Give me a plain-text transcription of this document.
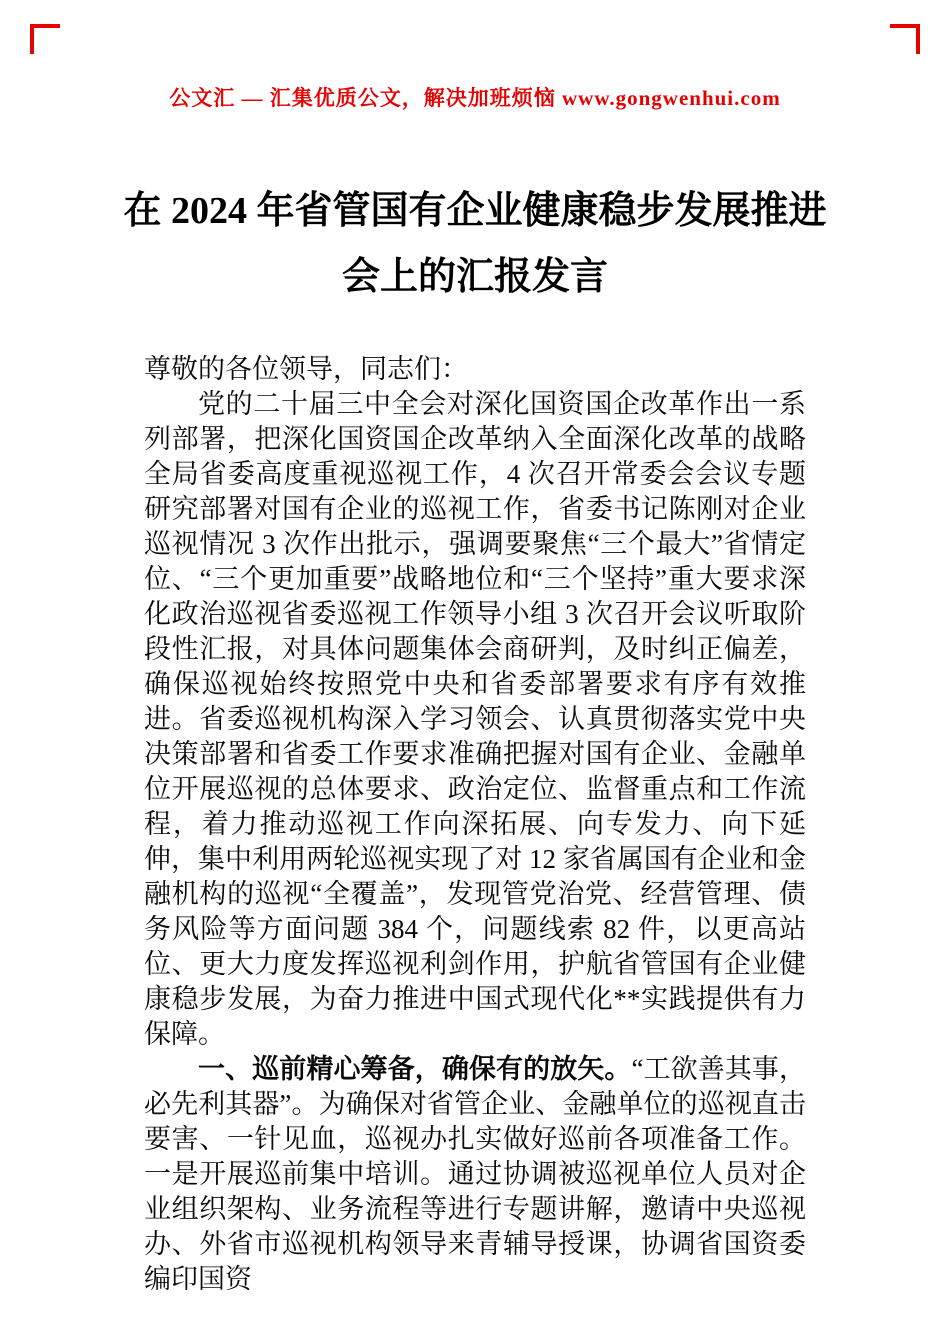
公文汇 — 汇集优质公文，解决加班烦恼 www.gongwenhui.com
在 2024 年省管国有企业健康稳步发展推进
会上的汇报发言

尊敬的各位领导，同志们：

党的二十届三中全会对深化国资国企改革作出一系列部署，把深化国资国企改革纳入全面深化改革的战略全局省委高度重视巡视工作，4 次召开常委会会议专题研究部署对国有企业的巡视工作，省委书记陈刚对企业巡视情况 3 次作出批示，强调要聚焦“三个最大”省情定位、“三个更加重要”战略地位和“三个坚持”重大要求深化政治巡视省委巡视工作领导小组 3 次召开会议听取阶段性汇报，对具体问题集体会商研判，及时纠正偏差，确保巡视始终按照党中央和省委部署要求有序有效推进。省委巡视机构深入学习领会、认真贯彻落实党中央决策部署和省委工作要求准确把握对国有企业、金融单位开展巡视的总体要求、政治定位、监督重点和工作流程，着力推动巡视工作向深拓展、向专发力、向下延伸，集中利用两轮巡视实现了对 12 家省属国有企业和金融机构的巡视“全覆盖”，发现管党治党、经营管理、债务风险等方面问题 384 个，问题线索 82 件，以更高站位、更大力度发挥巡视利剑作用，护航省管国有企业健康稳步发展，为奋力推进中国式现代化**实践提供有力保障。

一、巡前精心筹备，确保有的放矢。“工欲善其事，必先利其器”。为确保对省管企业、金融单位的巡视直击要害、一针见血，巡视办扎实做好巡前各项准备工作。一是开展巡前集中培训。通过协调被巡视单位人员对企业组织架构、业务流程等进行专题讲解，邀请中央巡视办、外省市巡视机构领导来青辅导授课，协调省国资委编印国资
